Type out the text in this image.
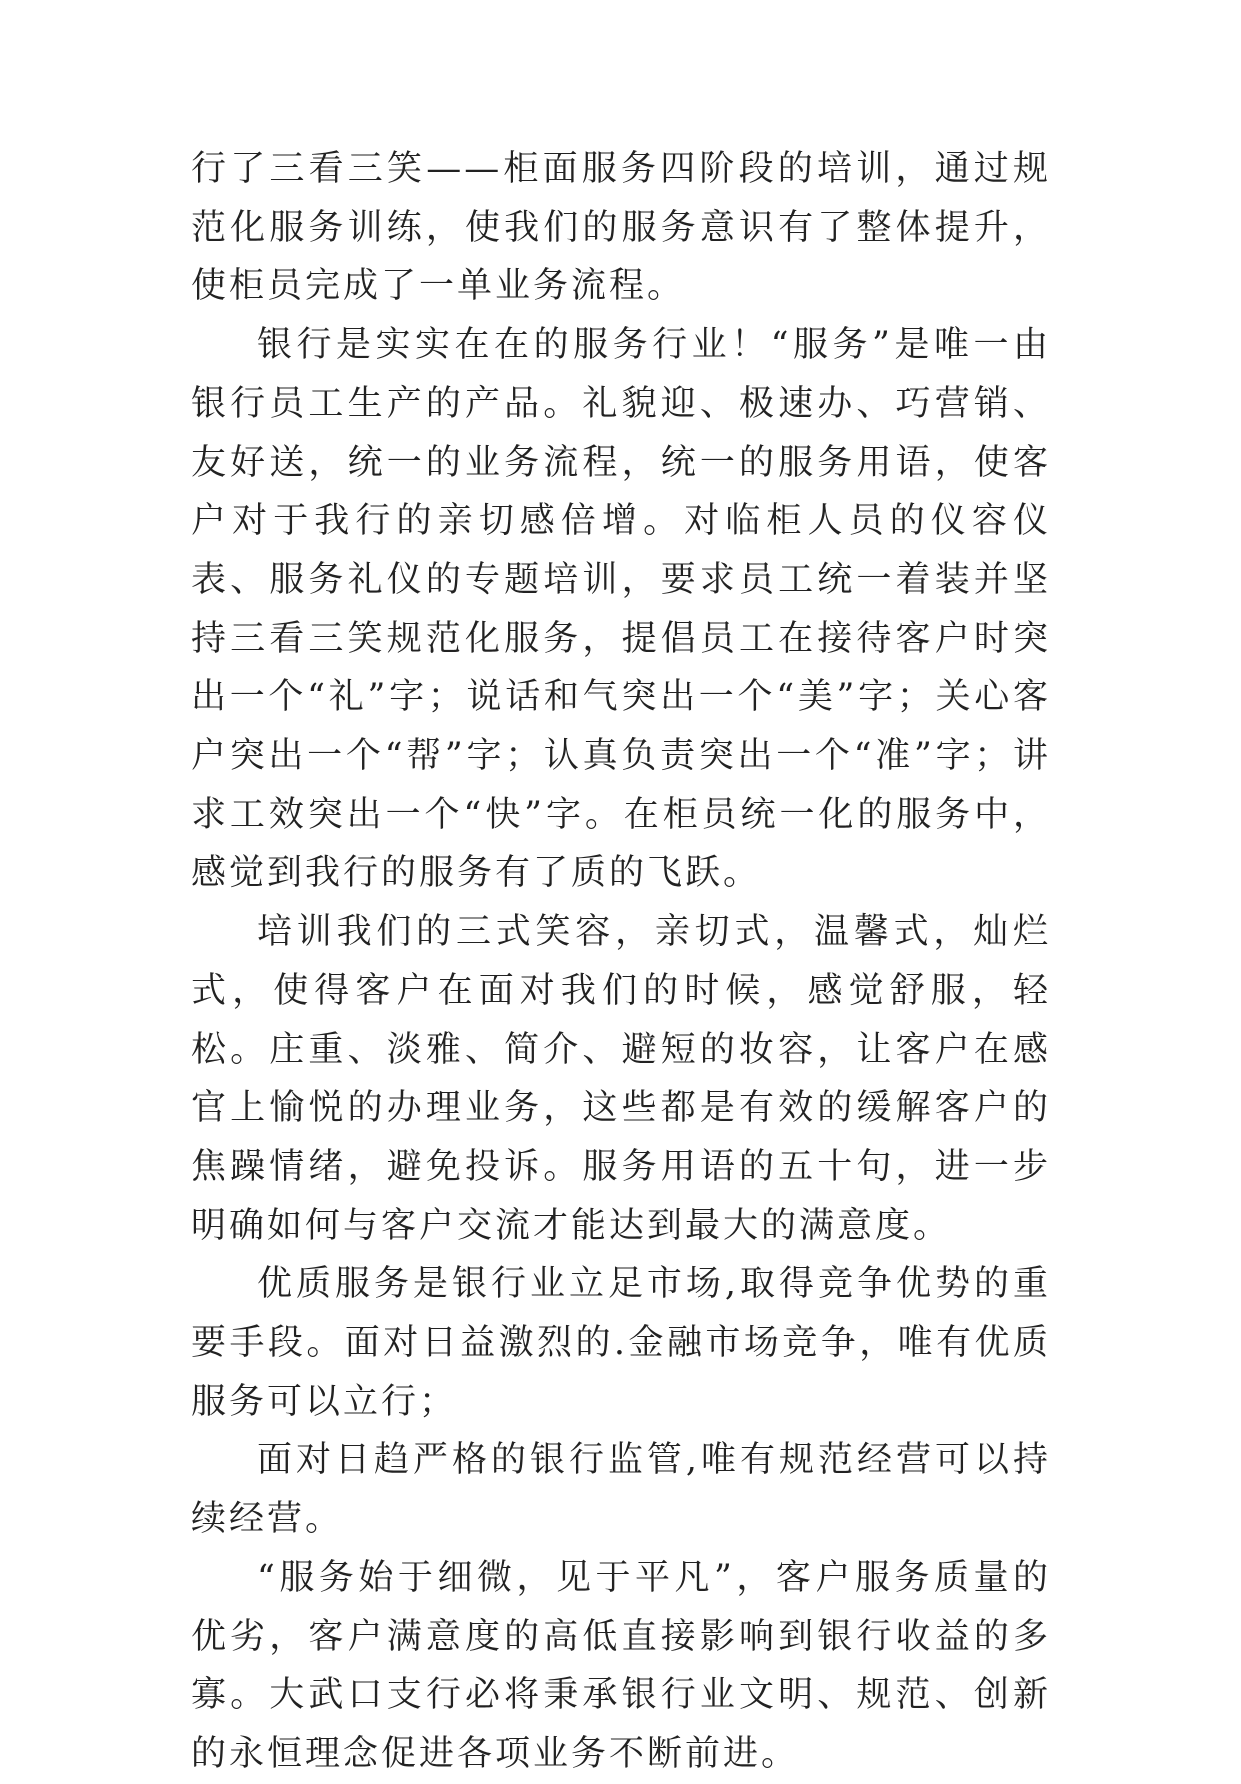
行了三看三笑——柜面服务四阶段的培训，通过规范化服务训练，使我们的服务意识有了整体提升，使柜员完成了一单业务流程。

银行是实实在在的服务行业！“服务”是唯一由银行员工生产的产品。礼貌迎、极速办、巧营销、友好送，统一的业务流程，统一的服务用语，使客户对于我行的亲切感倍增。对临柜人员的仪容仪表、服务礼仪的专题培训，要求员工统一着装并坚持三看三笑规范化服务，提倡员工在接待客户时突出一个“礼”字；说话和气突出一个“美”字；关心客户突出一个“帮”字；认真负责突出一个“准”字；讲求工效突出一个“快”字。在柜员统一化的服务中，感觉到我行的服务有了质的飞跃。

培训我们的三式笑容，亲切式，温馨式，灿烂式，使得客户在面对我们的时候，感觉舒服，轻松。庄重、淡雅、简介、避短的妆容，让客户在感官上愉悦的办理业务，这些都是有效的缓解客户的焦躁情绪，避免投诉。服务用语的五十句，进一步明确如何与客户交流才能达到最大的满意度。

优质服务是银行业立足市场,取得竞争优势的重要手段。面对日益激烈的.金融市场竞争，唯有优质服务可以立行；

面对日趋严格的银行监管,唯有规范经营可以持续经营。

“服务始于细微，见于平凡”，客户服务质量的优劣，客户满意度的高低直接影响到银行收益的多寡。大武口支行必将秉承银行业文明、规范、创新的永恒理念促进各项业务不断前进。
